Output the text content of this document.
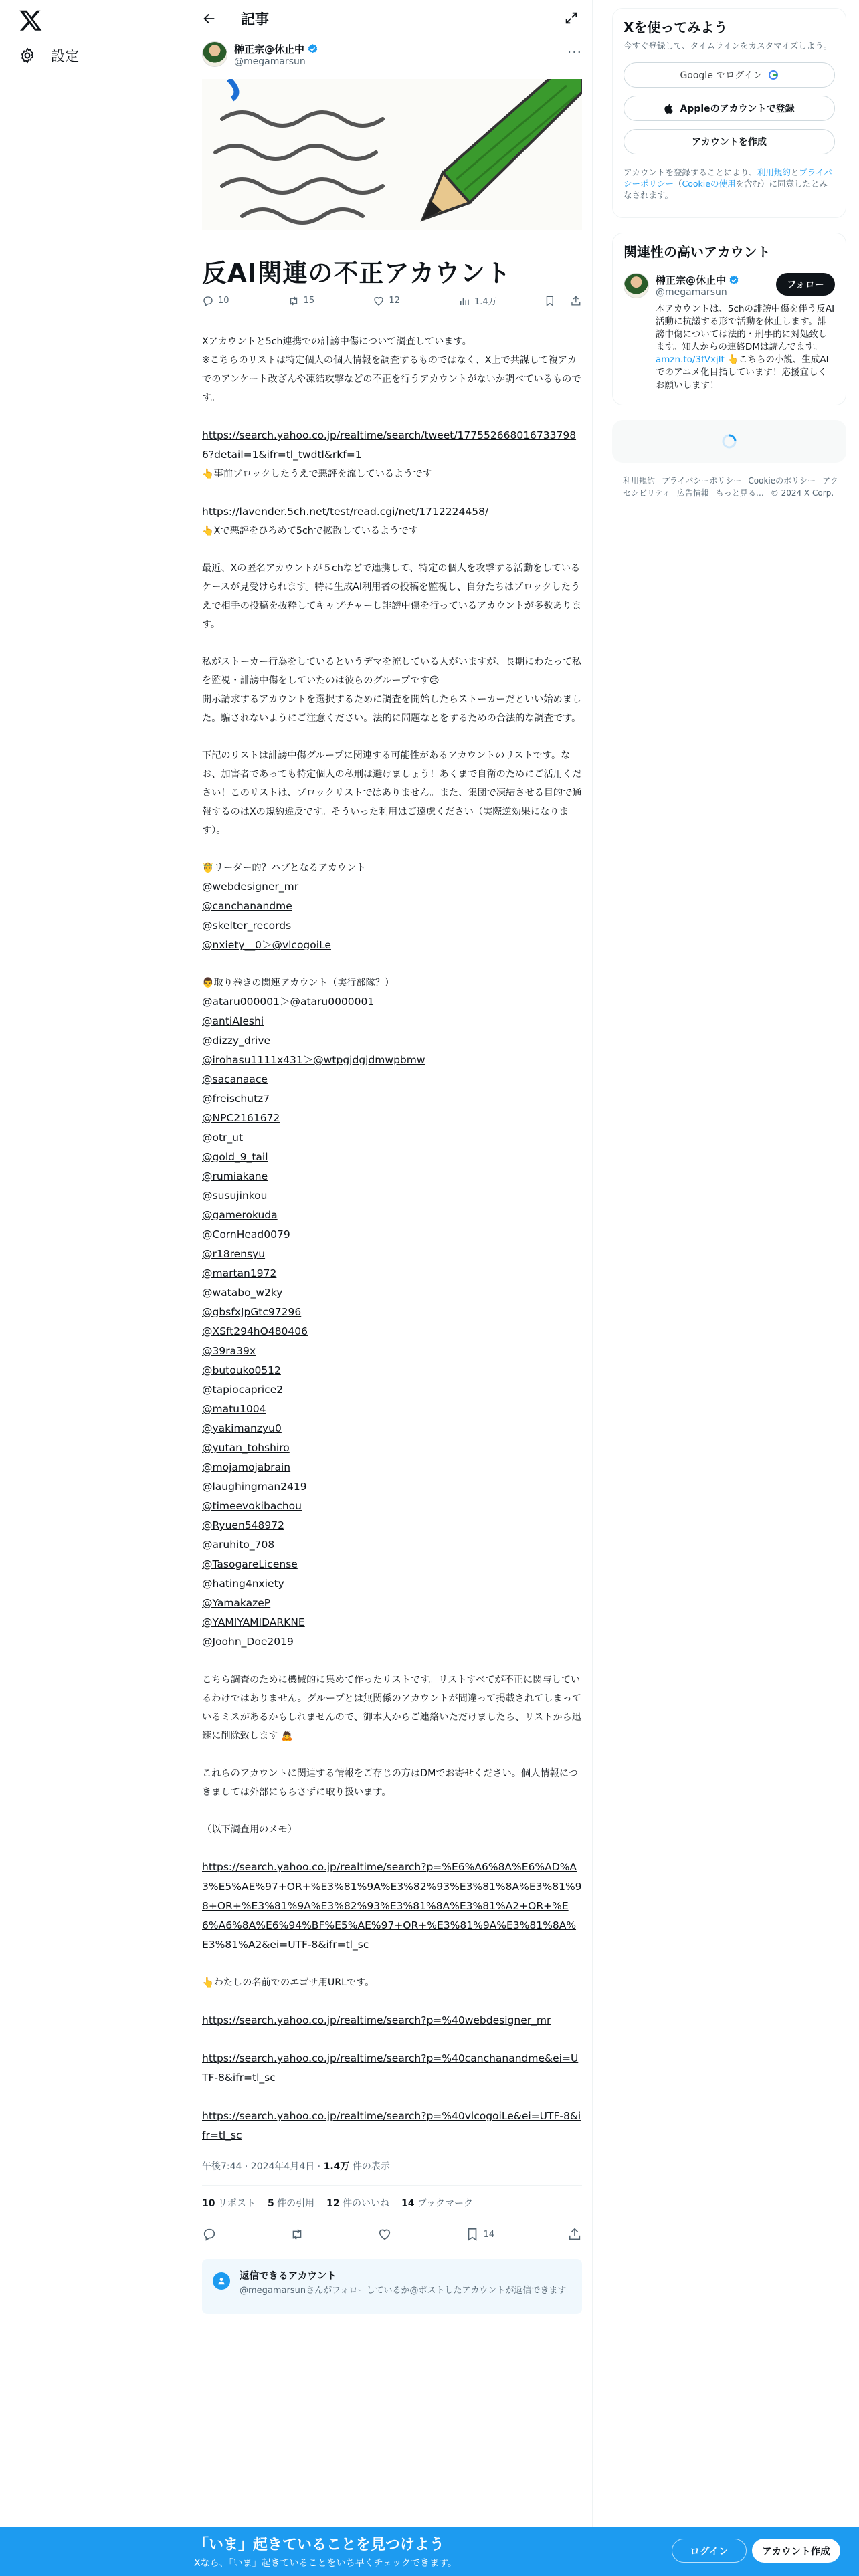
設定
記事
榊正宗@休止中
@megamarsun
···
反AI関連の不正アカウント
10	15	12	1.4万

Xアカウントと5ch連携での誹謗中傷について調査しています。

※こちらのリストは特定個人の個人情報を調査するものではなく、X上で共謀して複アカでのアンケート改ざんや凍結攻撃などの不正を行うアカウントがないか調べているものです。

https://search.yahoo.co.jp/realtime/search/tweet/1775526680167337986?detail=1&ifr=tl_twdtl&rkf=1

👆事前ブロックしたうえで悪評を流しているようです

https://lavender.5ch.net/test/read.cgi/net/1712224458/

👆Xで悪評をひろめて5chで拡散しているようです

最近、Xの匿名アカウントが５chなどで連携して、特定の個人を攻撃する活動をしているケースが見受けられます。特に生成AI利用者の投稿を監視し、自分たちはブロックしたうえで相手の投稿を抜粋してキャプチャーし誹謗中傷を行っているアカウントが多数あります。

私がストーカー行為をしているというデマを流している人がいますが、長期にわたって私を監視・誹謗中傷をしていたのは彼らのグループです😢

開示請求するアカウントを選択するために調査を開始したらストーカーだといい始めました。騙されないようにご注意ください。法的に問題なとをするための合法的な調査です。

下記のリストは誹謗中傷グループに関連する可能性があるアカウントのリストです。なお、加害者であっても特定個人の私刑は避けましょう！あくまで自衛のためにご活用ください！このリストは、ブロックリストではありません。また、集団で凍結させる目的で通報するのはXの規約違反です。そういった利用はご遠慮ください（実際逆効果になります）。

🤴リーダー的？ハブとなるアカウント

@webdesigner_mr

@canchanandme

@skelter_records

@nxiety__0＞@vlcogoiLe

👨取り巻きの関連アカウント（実行部隊？）

@ataru000001＞@ataru0000001

@antiAIeshi

@dizzy_drive

@irohasu1111x431＞@wtpgjdgjdmwpbmw

@sacanaace

@freischutz7

@NPC2161672

@otr_ut

@gold_9_tail

@rumiakane

@susujinkou

@gamerokuda

@CornHead0079

@r18rensyu

@martan1972

@watabo_w2ky

@gbsfxJpGtc97296

@XSft294hO480406

@39ra39x

@butouko0512

@tapiocaprice2

@matu1004

@yakimanzyu0

@yutan_tohshiro

@mojamojabrain

@laughingman2419

@timeevokibachou

@Ryuen548972

@aruhito_708

@TasogareLicense

@hating4nxiety

@YamakazeP

@YAMIYAMIDARKNE

@Joohn_Doe2019

こちら調査のために機械的に集めて作ったリストです。リストすべてが不正に関与しているわけではありません。グループとは無関係のアカウントが間違って掲載されてしまっているミスがあるかもしれませんので、御本人からご連絡いただけましたら、リストから迅速に削除致します 🙇

これらのアカウントに関連する情報をご存じの方はDMでお寄せください。個人情報につきましては外部にもらさずに取り扱います。

（以下調査用のメモ）

https://search.yahoo.co.jp/realtime/search?p=%E6%A6%8A%E6%AD%A3%E5%AE%97+OR+%E3%81%9A%E3%82%93%E3%81%8A%E3%81%98+OR+%E3%81%9A%E3%82%93%E3%81%8A%E3%81%A2+OR+%E6%A6%8A%E6%94%BF%E5%AE%97+OR+%E3%81%9A%E3%81%8A%E3%81%A2&ei=UTF-8&ifr=tl_sc

👆わたしの名前でのエゴサ用URLです。

https://search.yahoo.co.jp/realtime/search?p=%40webdesigner_mr

https://search.yahoo.co.jp/realtime/search?p=%40canchanandme&ei=UTF-8&ifr=tl_sc

https://search.yahoo.co.jp/realtime/search?p=%40vlcogoiLe&ei=UTF-8&ifr=tl_sc

午後7:44 · 2024年4月4日 · 1.4万 件の表示
10 リポスト 5 件の引用 12 件のいいね 14 ブックマーク
14
返信できるアカウント
@megamarsunさんがフォローしているか@ポストしたアカウントが返信できます
Xを使ってみよう
今すぐ登録して、タイムラインをカスタマイズしよう。
Google でログイン
Appleのアカウントで登録
アカウントを作成
アカウントを登録することにより、利用規約とプライバシーポリシー（Cookieの使用を含む）に同意したとみなされます。
関連性の高いアカウント
榊正宗@休止中
@megamarsun
フォロー
本アカウントは、5chの誹謗中傷を伴う反AI活動に抗議する形で活動を休止します。誹謗中傷については法的・刑事的に対処致します。知人からの連絡DMは読んでます。amzn.to/3fVxjlt 👆こちらの小説、生成AIでのアニメ化目指しています！応援宜しくお願いします！
利用規約 プライバシーポリシー Cookieのポリシー アクセシビリティ 広告情報 もっと見る… © 2024 X Corp.
「いま」起きていることを見つけよう
Xなら、「いま」起きていることをいち早くチェックできます。
ログイン	アカウント作成
